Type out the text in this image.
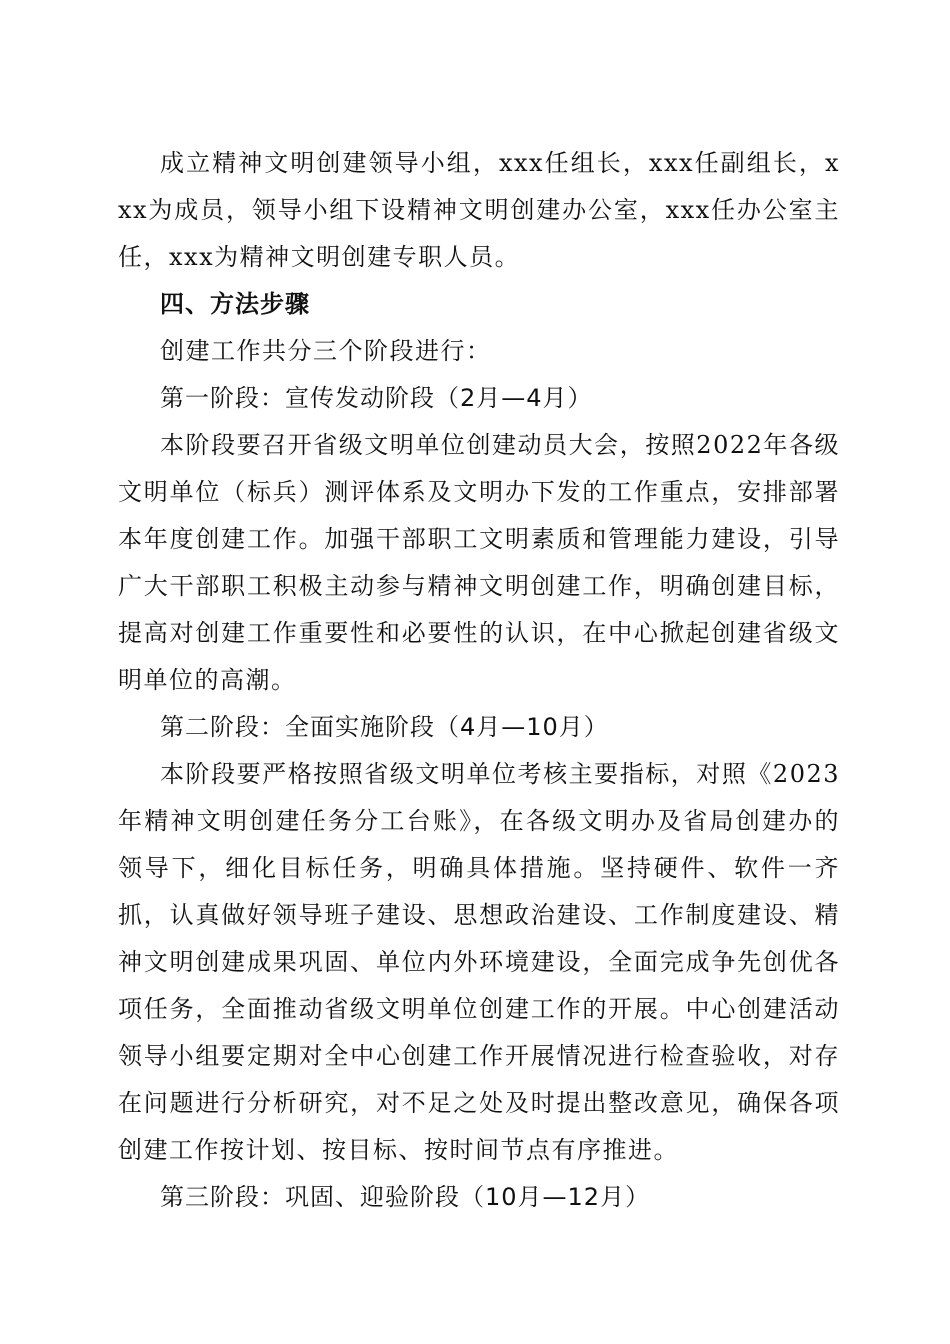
成立精神文明创建领导小组，xxx任组长，xxx任副组长，xxx为成员，领导小组下设精神文明创建办公室，xxx任办公室主任，xxx为精神文明创建专职人员。

四、方法步骤

创建工作共分三个阶段进行：

第一阶段：宣传发动阶段（2月—4月）

本阶段要召开省级文明单位创建动员大会，按照2022年各级文明单位（标兵）测评体系及文明办下发的工作重点，安排部署本年度创建工作。加强干部职工文明素质和管理能力建设，引导广大干部职工积极主动参与精神文明创建工作，明确创建目标，提高对创建工作重要性和必要性的认识，在中心掀起创建省级文明单位的高潮。

第二阶段：全面实施阶段（4月—10月）

本阶段要严格按照省级文明单位考核主要指标，对照《2023年精神文明创建任务分工台账》，在各级文明办及省局创建办的领导下，细化目标任务，明确具体措施。坚持硬件、软件一齐抓，认真做好领导班子建设、思想政治建设、工作制度建设、精神文明创建成果巩固、单位内外环境建设，全面完成争先创优各项任务，全面推动省级文明单位创建工作的开展。中心创建活动领导小组要定期对全中心创建工作开展情况进行检查验收，对存在问题进行分析研究，对不足之处及时提出整改意见，确保各项创建工作按计划、按目标、按时间节点有序推进。

第三阶段：巩固、迎验阶段（10月—12月）
